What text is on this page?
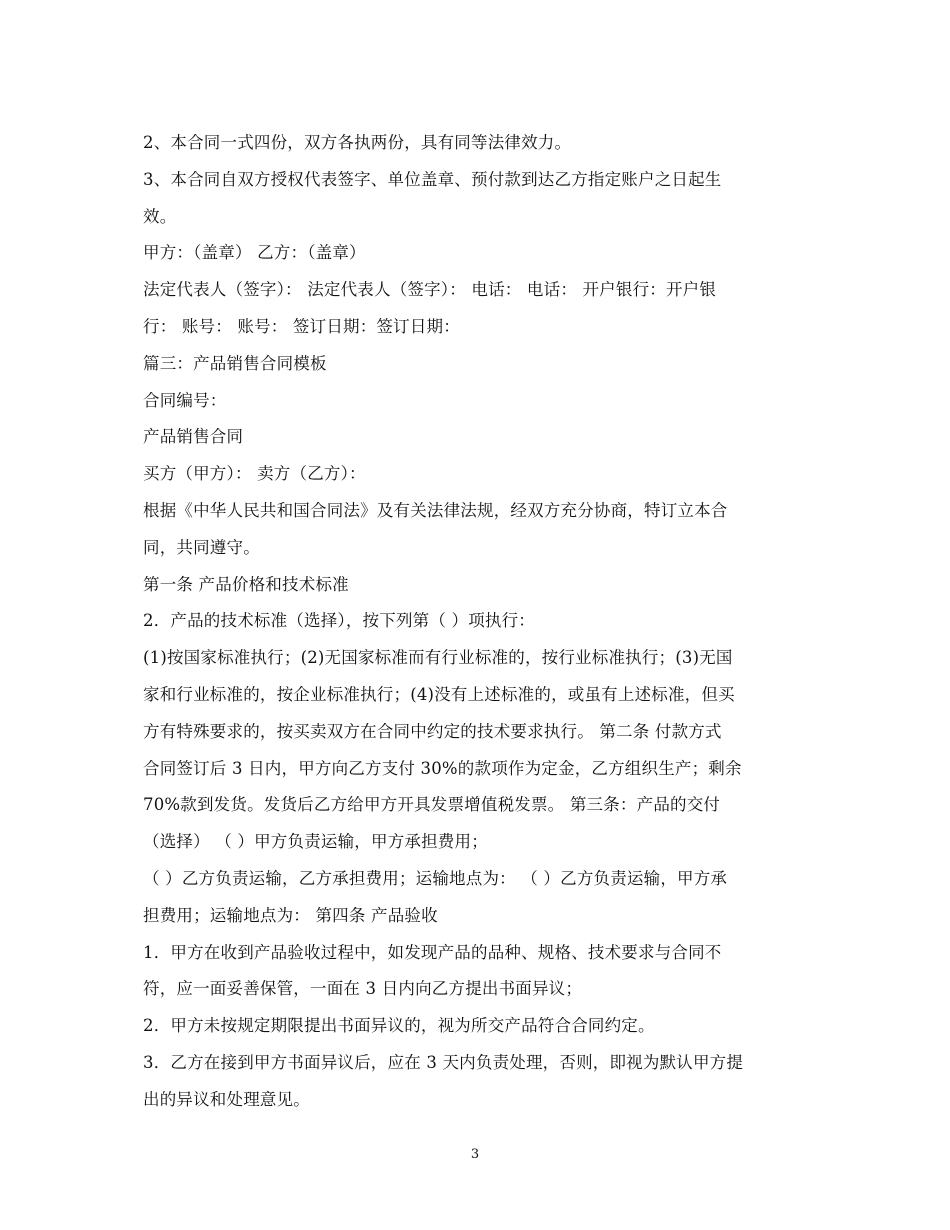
2、本合同一式四份，双方各执两份，具有同等法律效力。
3、本合同自双方授权代表签字、单位盖章、预付款到达乙方指定账户之日起生
效。
甲方：（盖章） 乙方：（盖章）
法定代表人（签字）： 法定代表人（签字）： 电话： 电话： 开户银行：开户银
行： 账号： 账号： 签订日期：签订日期：
篇三：产品销售合同模板
合同编号：
产品销售合同
买方（甲方）： 卖方（乙方）：
根据《中华人民共和国合同法》及有关法律法规，经双方充分协商，特订立本合
同，共同遵守。
第一条 产品价格和技术标准
2．产品的技术标准（选择），按下列第（ ）项执行：
(1)按国家标准执行；(2)无国家标准而有行业标准的，按行业标准执行；(3)无国
家和行业标准的，按企业标准执行；(4)没有上述标准的，或虽有上述标准，但买
方有特殊要求的，按买卖双方在合同中约定的技术要求执行。 第二条 付款方式
合同签订后 3 日内，甲方向乙方支付 30%的款项作为定金，乙方组织生产；剩余
70%款到发货。发货后乙方给甲方开具发票增值税发票。 第三条：产品的交付
（选择） （ ）甲方负责运输，甲方承担费用；
（ ）乙方负责运输，乙方承担费用；运输地点为： （ ）乙方负责运输，甲方承
担费用；运输地点为： 第四条 产品验收
1．甲方在收到产品验收过程中，如发现产品的品种、规格、技术要求与合同不
符，应一面妥善保管，一面在 3 日内向乙方提出书面异议；
2．甲方未按规定期限提出书面异议的，视为所交产品符合合同约定。
3．乙方在接到甲方书面异议后，应在 3 天内负责处理，否则，即视为默认甲方提
出的异议和处理意见。
3
